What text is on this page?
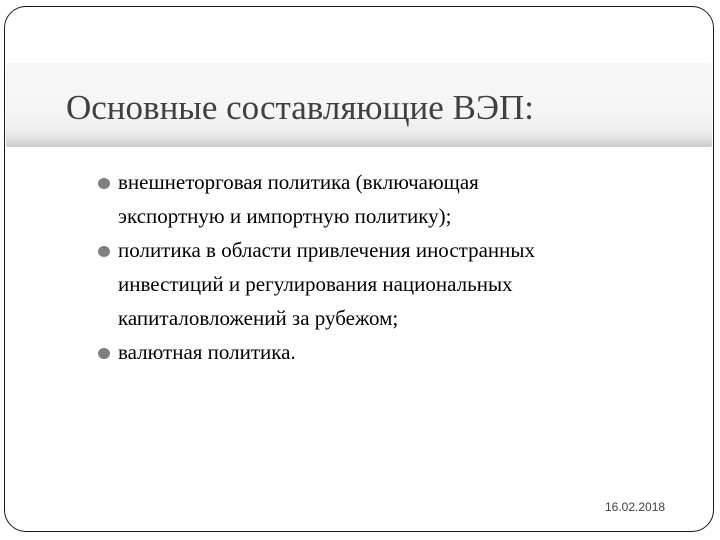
Основные составляющие ВЭП:
внешнеторговая политика (включающая
экспортную и импортную политику);
политика в области привлечения иностранных
инвестиций и регулирования национальных
капиталовложений за рубежом;
валютная политика.
16.02.2018
